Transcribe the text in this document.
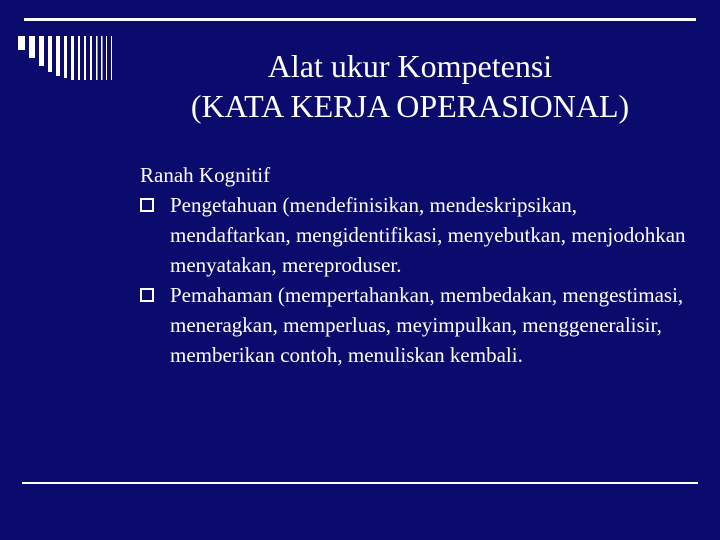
Alat ukur Kompetensi
(KATA KERJA OPERASIONAL)

Ranah Kognitif

Pengetahuan (mendefinisikan, mendeskripsikan, mendaftarkan, mengidentifikasi, menyebutkan, menjodohkan menyatakan, mereproduser.

Pemahaman (mempertahankan, membedakan, mengestimasi, meneragkan, memperluas, meyimpulkan, menggeneralisir, memberikan contoh, menuliskan kembali.
